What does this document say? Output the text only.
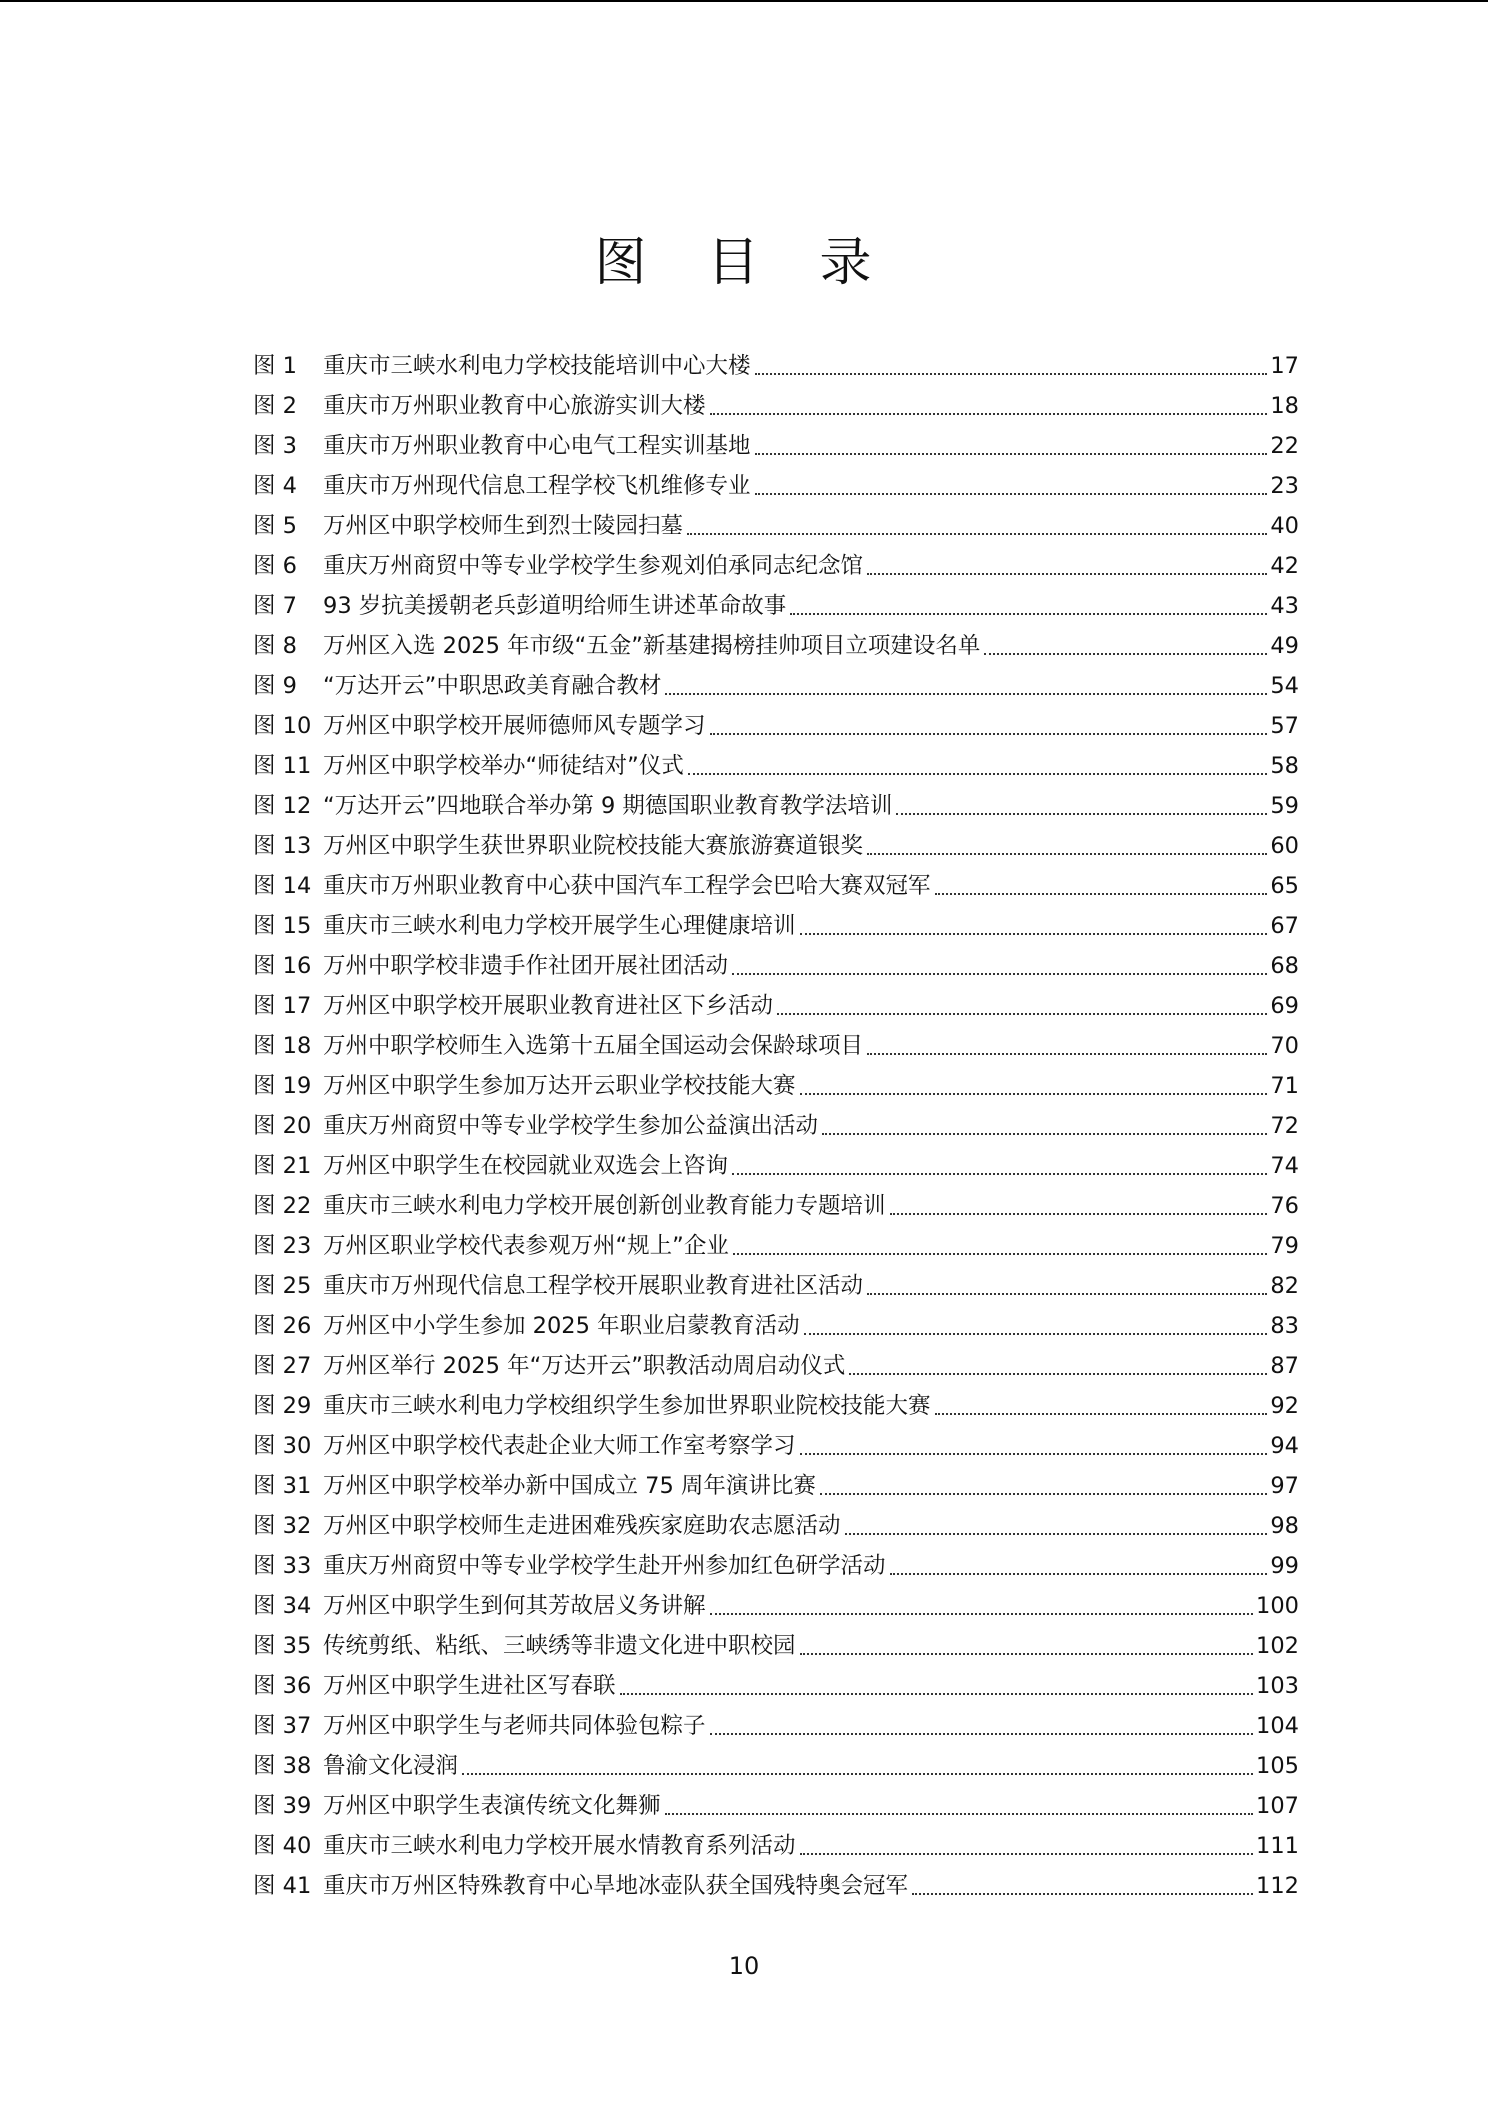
图 目 录
图 1	重庆市三峡水利电力学校技能培训中心大楼	17
图 2	重庆市万州职业教育中心旅游实训大楼	18
图 3	重庆市万州职业教育中心电气工程实训基地	22
图 4	重庆市万州现代信息工程学校飞机维修专业	23
图 5	万州区中职学校师生到烈士陵园扫墓	40
图 6	重庆万州商贸中等专业学校学生参观刘伯承同志纪念馆	42
图 7	93 岁抗美援朝老兵彭道明给师生讲述革命故事	43
图 8	万州区入选 2025 年市级“五金”新基建揭榜挂帅项目立项建设名单	49
图 9	“万达开云”中职思政美育融合教材	54
图 10 万州区中职学校开展师德师风专题学习	57
图 11 万州区中职学校举办“师徒结对”仪式	58
图 12 “万达开云”四地联合举办第 9 期德国职业教育教学法培训	59
图 13 万州区中职学生获世界职业院校技能大赛旅游赛道银奖	60
图 14 重庆市万州职业教育中心获中国汽车工程学会巴哈大赛双冠军	65
图 15 重庆市三峡水利电力学校开展学生心理健康培训	67
图 16 万州中职学校非遗手作社团开展社团活动	68
图 17 万州区中职学校开展职业教育进社区下乡活动	69
图 18 万州中职学校师生入选第十五届全国运动会保龄球项目	70
图 19 万州区中职学生参加万达开云职业学校技能大赛	71
图 20 重庆万州商贸中等专业学校学生参加公益演出活动	72
图 21 万州区中职学生在校园就业双选会上咨询	74
图 22 重庆市三峡水利电力学校开展创新创业教育能力专题培训	76
图 23 万州区职业学校代表参观万州“规上”企业	79
图 25 重庆市万州现代信息工程学校开展职业教育进社区活动	82
图 26 万州区中小学生参加 2025 年职业启蒙教育活动	83
图 27 万州区举行 2025 年“万达开云”职教活动周启动仪式	87
图 29 重庆市三峡水利电力学校组织学生参加世界职业院校技能大赛	92
图 30 万州区中职学校代表赴企业大师工作室考察学习	94
图 31 万州区中职学校举办新中国成立 75 周年演讲比赛	97
图 32 万州区中职学校师生走进困难残疾家庭助农志愿活动	98
图 33 重庆万州商贸中等专业学校学生赴开州参加红色研学活动	99
图 34 万州区中职学生到何其芳故居义务讲解	100
图 35 传统剪纸、粘纸、三峡绣等非遗文化进中职校园	102
图 36 万州区中职学生进社区写春联	103
图 37 万州区中职学生与老师共同体验包粽子	104
图 38 鲁渝文化浸润	105
图 39 万州区中职学生表演传统文化舞狮	107
图 40 重庆市三峡水利电力学校开展水情教育系列活动	111
图 41 重庆市万州区特殊教育中心旱地冰壶队获全国残特奥会冠军	112
10
